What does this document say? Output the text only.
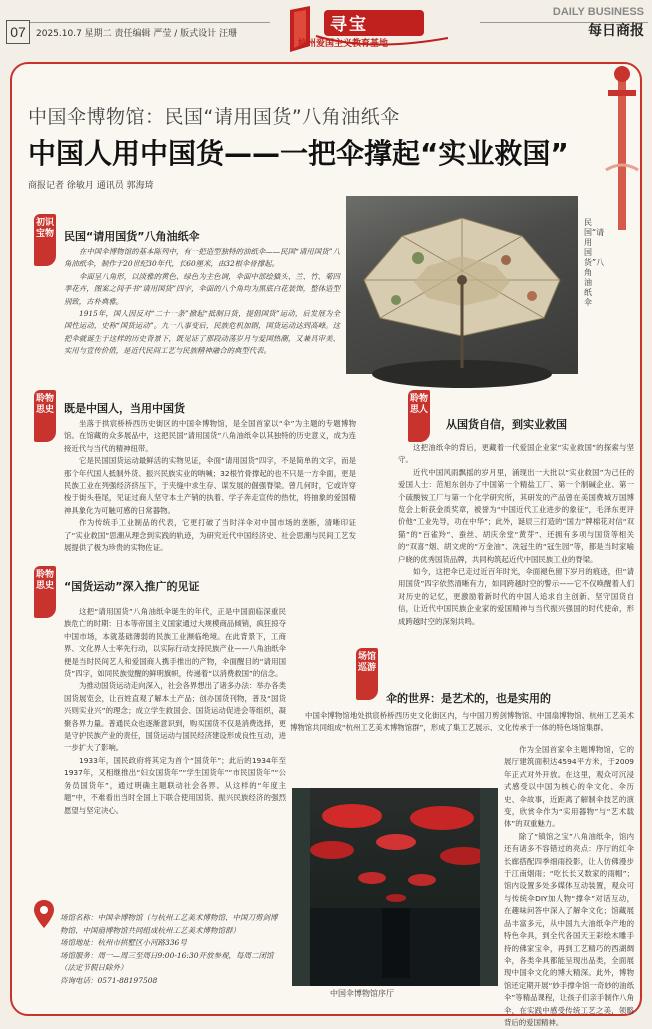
07	2025.10.7 星期二 责任编辑 严莹 / 版式设计 汪珊	寻宝
杭州爱国主义教育基地
DAILY BUSINESS
每日商报
中国伞博物馆：民国“请用国货”八角油纸伞
中国人用中国货——一把伞撑起“实业救国”
商报记者 徐敏月 通讯员 郭海琦
民国“请用国货”八角油纸伞
初识宝物 民国“请用国货”八角油纸伞

在中国伞博物馆的基本陈列中，有一把造型独特的油纸伞——民国“请用国货”八角油纸伞，制作于20世纪30年代，长60厘米，由32根伞骨撑起。

伞面呈八角形，以淡雅的黄色、绿色为主色调，伞面中部绘猫头、兰、竹、菊四季花卉，图案之间手书“请用国货”四字，伞面的八个角均为黑底白花装饰，整体造型别致，古朴典雅。

1915年，国人因反对“二十一条”掀起“抵制日货，提倡国货”运动，后发展为全国性运动，史称“国货运动”。九一八事变后，民族危机加剧，国货运动达到高峰。这把伞就诞生于这样的历史背景下，既见证了那段动荡岁月与爱国热潮，又兼具审美、实用与宣传价值，是近代民间工艺与民族精神融合的典型代表。

聆物思史 既是中国人，当用中国货

坐落于拱宸桥桥西历史街区的中国伞博物馆，是全国首家以“伞”为主题的专题博物馆。在馆藏的众多展品中，这把民国“请用国货”八角油纸伞以其独特的历史意义，成为连接近代与当代的精神纽带。

它是民国国货运动最鲜活的实物见证，伞面“请用国货”四字，不是简单的文字，而是那个年代国人抵制外货、振兴民族实业的呐喊；32根竹骨撑起的也不只是一方伞面，更是民族工业在列强经济挤压下，于夹缝中求生存、谋发展的倔强脊梁。曾几何时，它或许穿梭于街头巷尾，见证过商人坚守本土产销的执着、学子奔走宣传的热忱，将抽象的爱国精神具象化为可触可感的日常器物。

作为传统手工业制品的代表，它更打破了当时洋伞对中国市场的垄断，清晰印证了“实业救国”思潮从理念到实践的轨迹，为研究近代中国经济史、社会思潮与民间工艺发展提供了极为珍贵的实物佐证。

聆物思史 “国货运动”深入推广的见证

这把“请用国货”八角油纸伞诞生的年代，正是中国面临深重民族危亡的时期：日本等帝国主义国家通过大规模商品倾销，疯狂掠夺中国市场，本就基础薄弱的民族工业濒临绝境。在此背景下，工商界、文化界人士率先行动，以实际行动支持民族产业——八角油纸伞便是当时民间艺人和爱国商人携手推出的产物，伞面醒目的“请用国货”四字，如同民族觉醒的鲜明旗帜，传递着“以消费救国”的信念。

为推动国货运动走向深入，社会各界想出了诸多办法：举办各类国货展览会，让百姓直观了解本土产品；创办国货刊物，普及“国货兴则实业兴”的理念；成立学生救国会、国货运动促进会等组织，凝聚各界力量。普通民众也逐渐意识到，购买国货不仅是消费选择，更是守护民族产业的责任，国货运动与国民经济建设形成良性互动，进一步扩大了影响。

1933年，国民政府将其定为首个“国货年”；此后的1934年至1937年，又相继推出“妇女国货年”“学生国货年”“市民国货年”“公务员国货年”，通过明确主题联动社会各界。从这样的“年度主题”中，不难看出当时全国上下联合使用国货、振兴民族经济的强烈愿望与坚定决心。

聆物思人
从国货自信，到实业救国

这把油纸伞的背后，更藏着一代爱国企业家“实业救国”的探索与坚守。

近代中国风雨飘摇的岁月里，涌现出一大批以“实业救国”为己任的爱国人士：范旭东创办了中国第一个精盐工厂、第一个制碱企业、第一个硫酸铵工厂与第一个化学研究所，其研发的产品曾在美国费城万国博览会上斩获金质奖章，被誉为“中国近代工业进步的象征”，毛泽东更评价他“工业先导，功在中华”；此外，诞辰三打造的“国力”牌棉花对信“双猫”的“百雀羚”、蚕丝、胡庆余堂“黄芽”、还拥有多项与国货等相关的“双喜”烟、胡文虎的“万金油”、冼冠生的“冠生园”等，都是当时家喻户晓的优秀国货品牌，共同构筑起近代中国民族工业的脊梁。

如今，这把伞已走过近百年时光，伞面褪色留下岁月的痕迹，但“请用国货”四字依然清晰有力，如同跨越时空的警示——它不仅唤醒着人们对历史的记忆，更激励着新时代的中国人追求自主创新、坚守国货自信，让近代中国民族企业家的爱国精神与当代振兴强国的时代使命，形成跨越时空的深刻共鸣。

场馆巡游
伞的世界：是艺术的，也是实用的

中国伞博物馆地处拱宸桥桥西历史文化街区内，与中国刀剪剑博物馆、中国扇博物馆、杭州工艺美术博物馆共同组成“杭州工艺美术博物馆群”，形成了集工艺展示、文化传承于一体的特色场馆集群。

作为全国首家伞主题博物馆，它的展厅建筑面积达4594平方米，于2009年正式对外开放。在这里，观众可沉浸式感受以中国为核心的伞文化、伞历史、伞故事，近距离了解制伞技艺的演变，欣赏伞作为“实用器物”与“艺术载体”的双重魅力。

除了“镇馆之宝”八角油纸伞，馆内还有诸多不容错过的亮点：序厅的红伞长廊搭配四季细雨投影，让人仿佛漫步于江南烟雨；“吃长长又数家的雨帽”；馆内设置多处多媒体互动装置，观众可与传统伞DIY加人物“撑伞”对话互动，在趣味问答中深入了解伞文化；馆藏展品丰富多元，从中国九大油纸伞产地的特色伞具，到全代各国天王彩绘木雕手持的佛家宝伞，再到工艺精巧的西湖绸伞，各类伞具都能呈现出品类，全面展现中国伞文化的博大精深。此外，博物馆还定期开展“妙手撑伞馆一奇妙的油纸伞”等精品课程，让孩子们亲手制作八角伞，在实践中感受传统工艺之美，领略背后的爱国精神。

中国伞博物馆序厅
场馆名称：中国伞博物馆（与杭州工艺美术博物馆、中国刀剪剑博物馆、中国扇博物馆共同组成杭州工艺美术博物馆群）
场馆地址：杭州市拱墅区小河路336号
场馆服务：周一—周三至周日9:00-16:30开放参观，每周二闭馆（法定节假日除外）
咨询电话：0571-88197508
